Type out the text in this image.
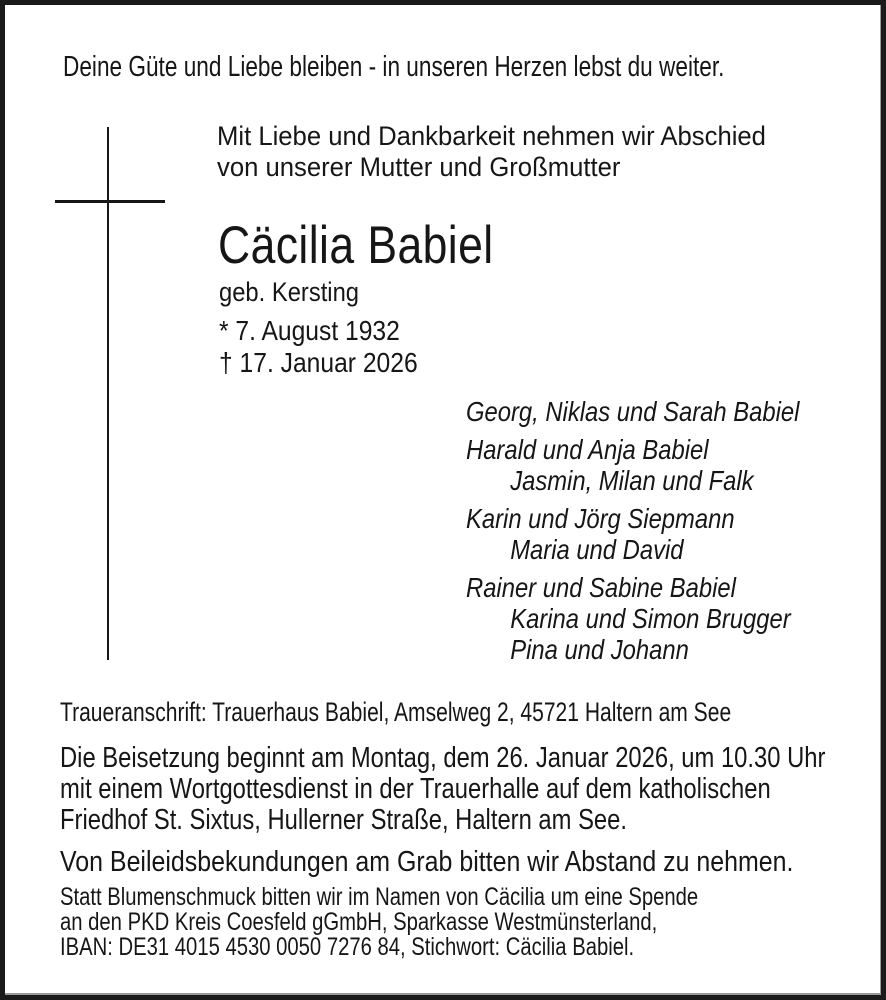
Deine Güte und Liebe bleiben - in unseren Herzen lebst du weiter.
Mit Liebe und Dankbarkeit nehmen wir Abschied
von unserer Mutter und Großmutter
Cäcilia Babiel
geb. Kersting
* 7. August 1932
† 17. Januar 2026
Georg, Niklas und Sarah Babiel
Harald und Anja Babiel
Jasmin, Milan und Falk
Karin und Jörg Siepmann
Maria und David
Rainer und Sabine Babiel
Karina und Simon Brugger
Pina und Johann
Traueranschrift: Trauerhaus Babiel, Amselweg 2, 45721 Haltern am See
Die Beisetzung beginnt am Montag, dem 26. Januar 2026, um 10.30 Uhr
mit einem Wortgottesdienst in der Trauerhalle auf dem katholischen
Friedhof St. Sixtus, Hullerner Straße, Haltern am See.
Von Beileidsbekundungen am Grab bitten wir Abstand zu nehmen.
Statt Blumenschmuck bitten wir im Namen von Cäcilia um eine Spende
an den PKD Kreis Coesfeld gGmbH, Sparkasse Westmünsterland,
IBAN: DE31 4015 4530 0050 7276 84, Stichwort: Cäcilia Babiel.
